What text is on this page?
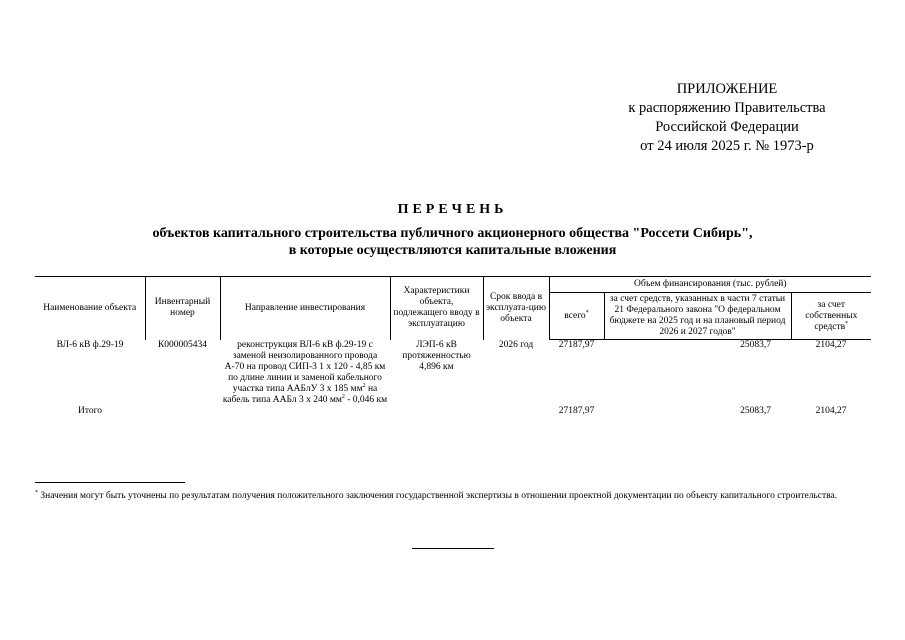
ПРИЛОЖЕНИЕ
к распоряжению Правительства
Российской Федерации
от 24 июля 2025 г. № 1973-р
ПЕРЕЧЕНЬ
объектов капитального строительства публичного акционерного общества "Россети Сибирь",
в которые осуществляются капитальные вложения
Наименование объекта	Инвентарный номер	Направление инвестирования	Характеристики объекта, подлежащего вводу в эксплуатацию	Срок ввода в эксплуата-цию объекта	Объем финансирования (тыс. рублей)		
					всего*	за счет средств, указанных в части 7 статьи 21 Федерального закона "О федеральном бюджете на 2025 год и на плановый период 2026 и 2027 годов"	за счет собственных средств*
ВЛ-6 кВ ф.29-19	К000005434	реконструкция ВЛ-6 кВ ф.29-19 с заменой неизолированного провода А-70 на провод СИП-3 1 х 120 - 4,85 км по длине линии и заменой кабельного участка типа ААБлУ 3 х 185 $мм^2$ на кабель типа ААБл 3 х 240 $мм^2 - 0,046$ км	ЛЭП-6 кВ протяженностью 4,896 км	2026 год	27187,97	25083,7	2104,27
Итого					27187,97	25083,7	2104,27
* Значения могут быть уточнены по результатам получения положительного заключения государственной экспертизы в отношении проектной документации по объекту капитального строительства.
